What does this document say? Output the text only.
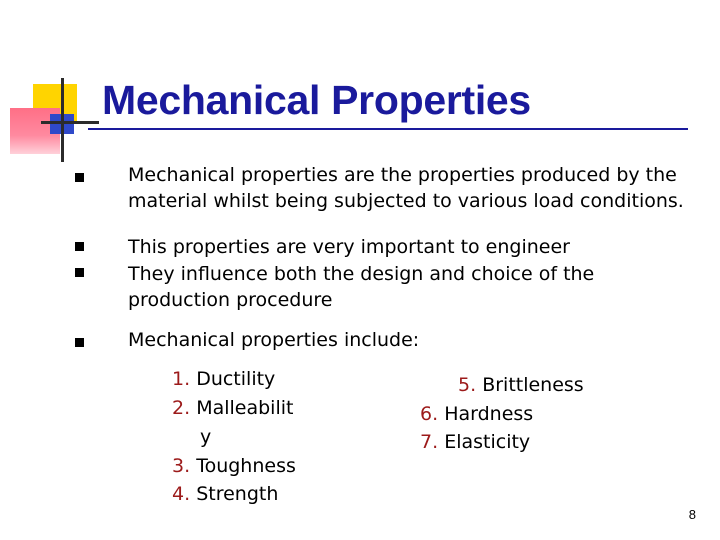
Mechanical Properties
Mechanical properties are the properties produced by the material whilst being subjected to various load conditions.
This properties are very important to engineer
They influence both the design and choice of the production procedure
Mechanical properties include:
1. Ductility
2. Malleabilit
y
3. Toughness
4. Strength
5. Brittleness
6. Hardness
7. Elasticity
8
